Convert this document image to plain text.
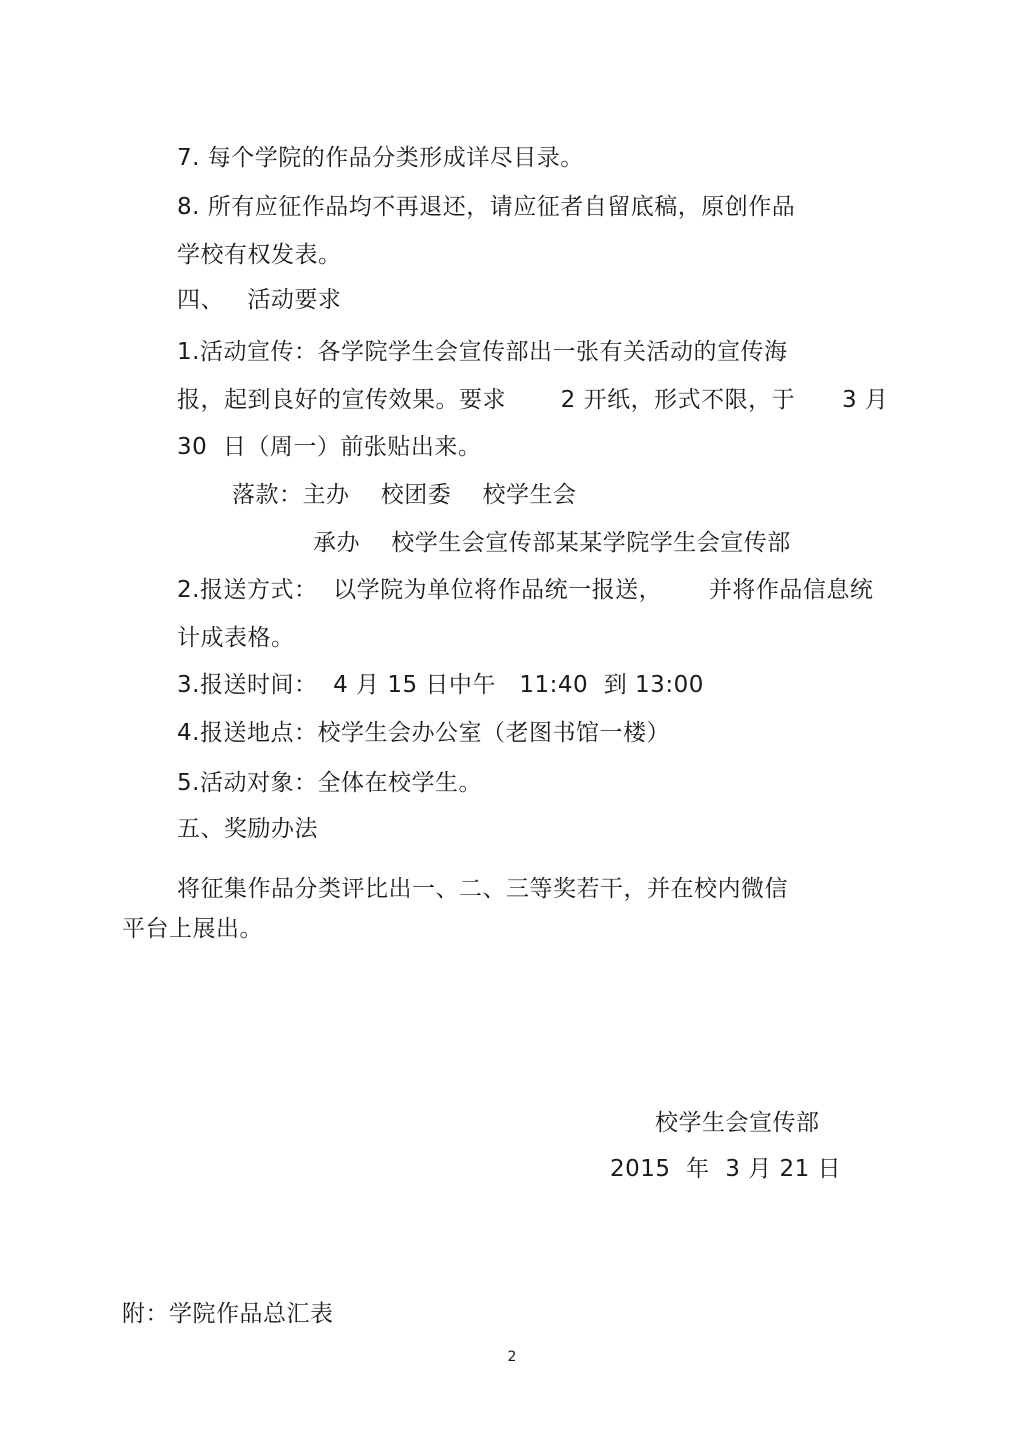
7. 每个学院的作品分类形成详尽目录。
8. 所有应征作品均不再退还，请应征者自留底稿，原创作品
学校有权发表。
四、   活动要求
1.活动宣传：各学院学生会宣传部出一张有关活动的宣传海
报，起到良好的宣传效果。要求       2 开纸，形式不限，于      3 月
30  日（周一）前张贴出来。
落款：主办    校团委    校学生会
承办    校学生会宣传部某某学院学生会宣传部
2.报送方式：  以学院为单位将作品统一报送，      并将作品信息统
计成表格。
3.报送时间：  4 月 15 日中午   11:40  到 13:00
4.报送地点：校学生会办公室（老图书馆一楼）
5.活动对象：全体在校学生。
五、奖励办法
将征集作品分类评比出一、二、三等奖若干，并在校内微信
平台上展出。
校学生会宣传部
2015  年  3 月 21 日
附：学院作品总汇表
2
